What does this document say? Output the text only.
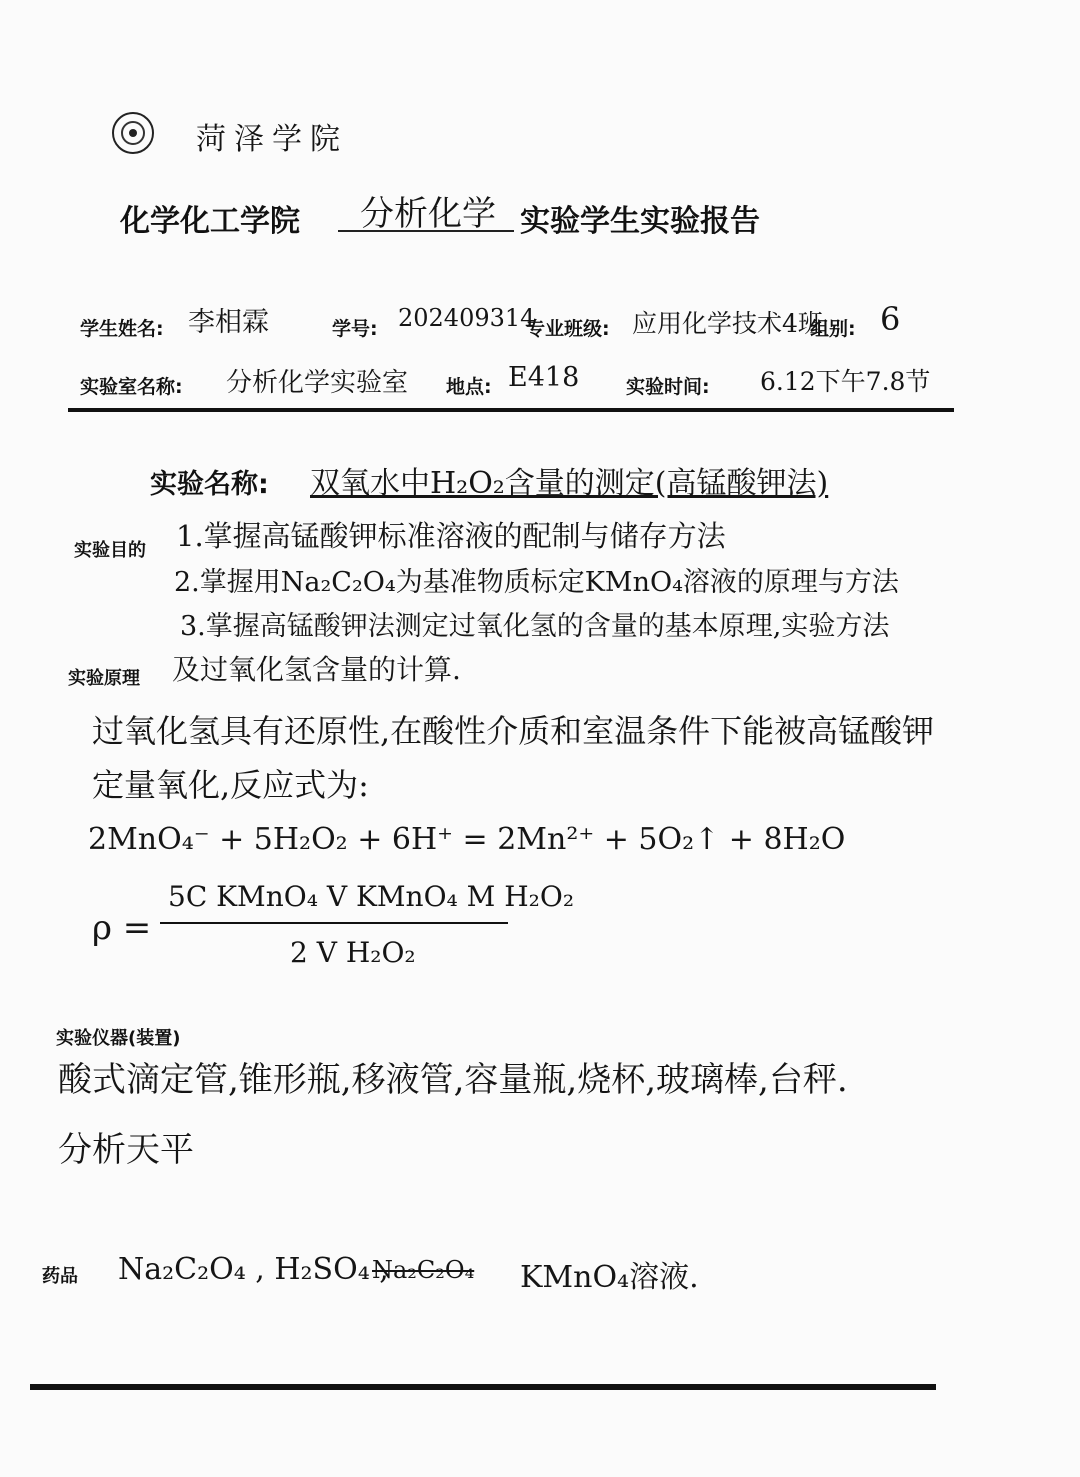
菏泽学院
化学化工学院 分析化学 实验学生实验报告
学生姓名: 李相霖	学号: 202409314
专业班级: 应用化学技术4班
组别: 6
实验室名称: 分析化学实验室 地点: E418 实验时间: 6.12下午7.8节
实验名称: 双氧水中H₂O₂含量的测定(高锰酸钾法)
实验目的 1.掌握高锰酸钾标准溶液的配制与储存方法
2.掌握用Na₂C₂O₄为基准物质标定KMnO₄溶液的原理与方法
3.掌握高锰酸钾法测定过氧化氢的含量的基本原理,实验方法
实验原理 及过氧化氢含量的计算.
过氧化氢具有还原性,在酸性介质和室温条件下能被高锰酸钾
定量氧化,反应式为:
2MnO₄⁻ + 5H₂O₂ + 6H⁺ = 2Mn²⁺ + 5O₂↑ + 8H₂O
ρ =
5C KMnO₄ V KMnO₄ M H₂O₂
2 V H₂O₂
实验仪器(装置)
酸式滴定管,锥形瓶,移液管,容量瓶,烧杯,玻璃棒,台秤.
分析天平
药品 Na₂C₂O₄ , H₂SO₄ ,
Na₂C₂O₄ KMnO₄溶液.
